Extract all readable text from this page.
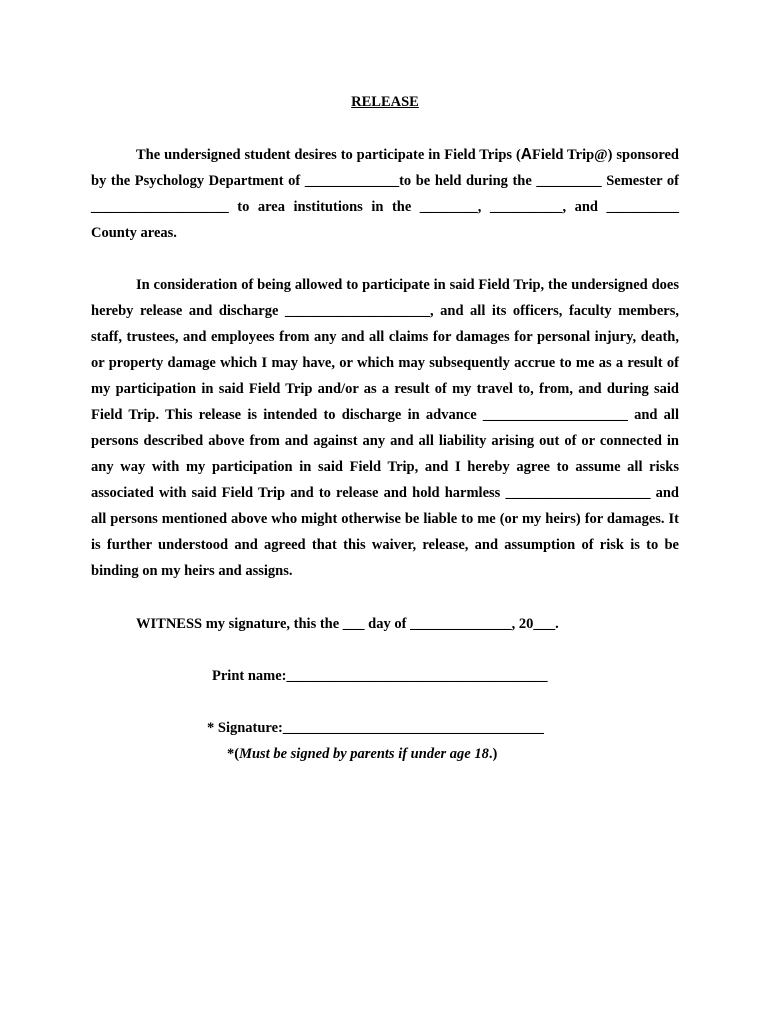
RELEASE
The undersigned student desires to participate in Field Trips (AField Trip@) sponsored by the Psychology Department of _____________to be held during the _________ Semester of ___________________ to area institutions in the ________, __________, and __________ County areas.
In consideration of being allowed to participate in said Field Trip, the undersigned does hereby release and discharge ____________________, and all its officers, faculty members, staff, trustees, and employees from any and all claims for damages for personal injury, death, or property damage which I may have, or which may subsequently accrue to me as a result of my participation in said Field Trip and/or as a result of my travel to, from, and during said Field Trip. This release is intended to discharge in advance ____________________ and all persons described above from and against any and all liability arising out of or connected in any way with my participation in said Field Trip, and I hereby agree to assume all risks associated with said Field Trip and to release and hold harmless ____________________ and all persons mentioned above who might otherwise be liable to me (or my heirs) for damages. It is further understood and agreed that this waiver, release, and assumption of risk is to be binding on my heirs and assigns.
WITNESS my signature, this the ___ day of ______________, 20___.
Print name:____________________________________
* Signature:____________________________________
*(Must be signed by parents if under age 18.)
